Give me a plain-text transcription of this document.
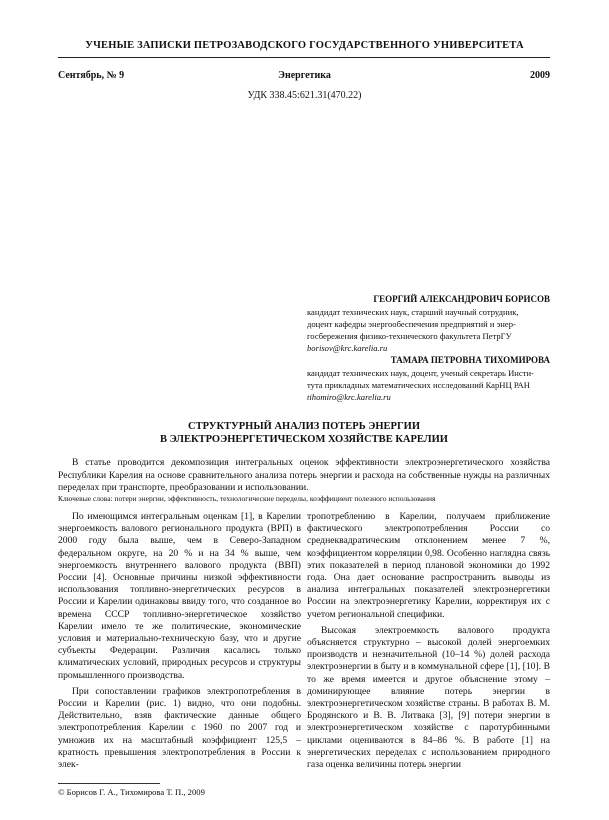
УЧЕНЫЕ ЗАПИСКИ ПЕТРОЗАВОДСКОГО ГОСУДАРСТВЕННОГО УНИВЕРСИТЕТА
Сентябрь, № 9	Энергетика	2009
УДК 338.45:621.31(470.22)
ГЕОРГИЙ АЛЕКСАНДРОВИЧ БОРИСОВ
кандидат технических наук, старший научный сотрудник,
доцент кафедры энергообеспечения предприятий и энер-
госбережения физико-технического факультета ПетрГУ
borisov@krc.karelia.ru
ТАМАРА ПЕТРОВНА ТИХОМИРОВА
кандидат технических наук, доцент, ученый секретарь Инсти-
тута прикладных математических исследований КарНЦ РАН
tihomiro@krc.karelia.ru
СТРУКТУРНЫЙ АНАЛИЗ ПОТЕРЬ ЭНЕРГИИ
В ЭЛЕКТРОЭНЕРГЕТИЧЕСКОМ ХОЗЯЙСТВЕ КАРЕЛИИ
В статье проводится декомпозиция интегральных оценок эффективности электроэнергетического хозяйства Республики Карелия на основе сравнительного анализа потерь энергии и расхода на собственные нужды на различных переделах при транспорте, преобразовании и использовании.
Ключевые слова: потери энергии, эффективность, технологические переделы, коэффициент полезного использования

По имеющимся интегральным оценкам [1], в Карелии энергоемкость валового регионального продукта (ВРП) в 2000 году была выше, чем в Северо-Западном федеральном округе, на 20 % и на 34 % выше, чем энергоемкость внутреннего валового продукта (ВВП) России [4]. Основные причины низкой эффективности использования топливно-энергетических ресурсов в России и Карелии одинаковы ввиду того, что созданное во времена СССР топливно-энергетическое хозяйство Карелии имело те же политические, экономические условия и материально-техническую базу, что и другие субъекты Федерации. Различия касались только климатических условий, природных ресурсов и структуры промышленного производства.

При сопоставлении графиков электропотребления в России и Карелии (рис. 1) видно, что они подобны. Действительно, взяв фактические данные общего электропотребления Карелии с 1960 по 2007 год и умножив их на масштабный коэффициент 125,5 – кратность превышения электропотребления в России к элек-

тропотреблению в Карелии, получаем приближение фактического электропотребления России со среднеквадратическим отклонением менее 7 %, коэффициентом корреляции 0,98. Особенно наглядна связь этих показателей в период плановой экономики до 1992 года. Она дает основание распространить выводы из анализа интегральных показателей электроэнергетики России на электроэнергетику Карелии, корректируя их с учетом региональной специфики.

Высокая электроемкость валового продукта объясняется структурно – высокой долей энергоемких производств и незначительной (10–14 %) долей расхода электроэнергии в быту и в коммунальной сфере [1], [10]. В то же время имеется и другое объяснение этому – доминирующее влияние потерь энергии в электроэнергетическом хозяйстве страны. В работах В. М. Бродянского и В. В. Литвака [3], [9] потери энергии в электроэнергетическом хозяйстве с паротурбинными циклами оцениваются в 84–86 %. В работе [1] на энергетических переделах с использованием природного газа оценка величины потерь энергии

© Борисов Г. А., Тихомирова Т. П., 2009
